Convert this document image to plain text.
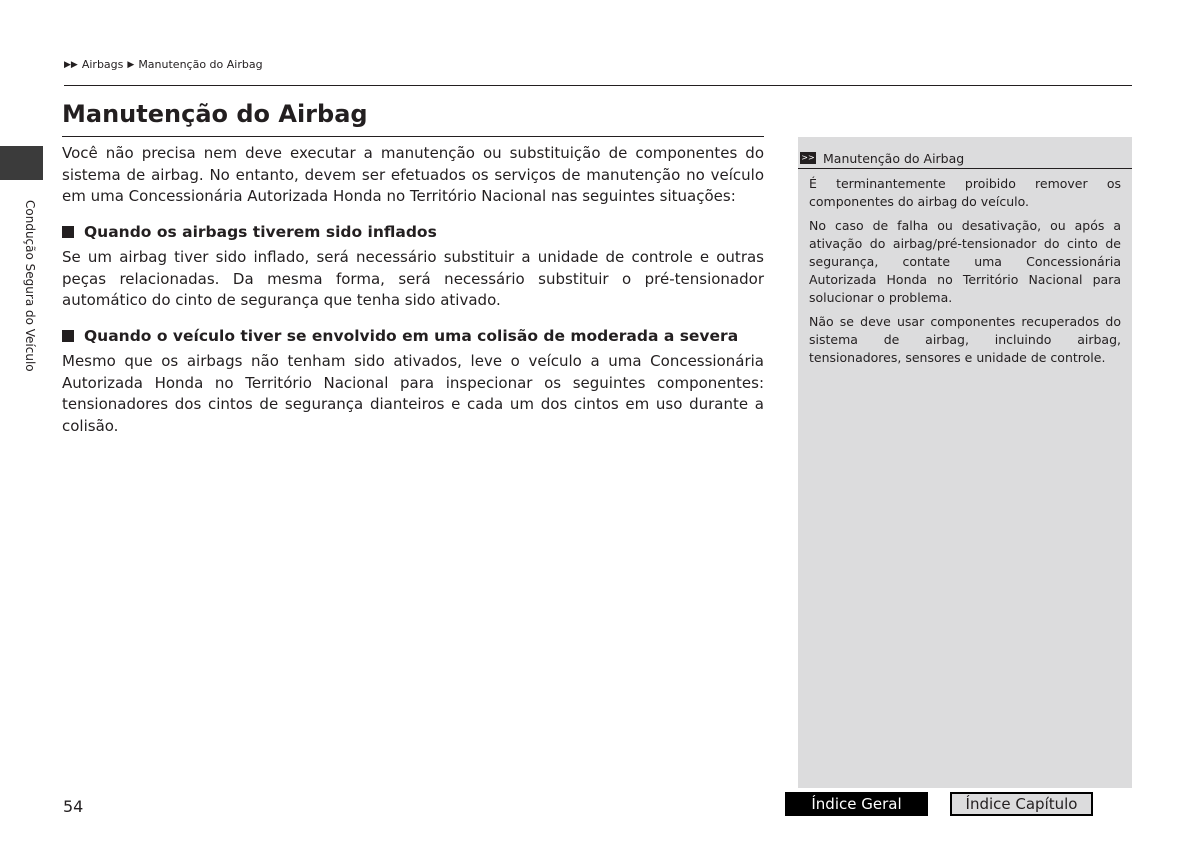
Condução Segura do Veículo
▶▶ Airbags ▶ Manutenção do Airbag
Manutenção do Airbag

Você não precisa nem deve executar a manutenção ou substituição de componentes do sistema de airbag. No entanto, devem ser efetuados os serviços de manutenção no veículo em uma Concessionária Autorizada Honda no Território Nacional nas seguintes situações:

Quando os airbags tiverem sido inflados

Se um airbag tiver sido inflado, será necessário substituir a unidade de controle e outras peças relacionadas. Da mesma forma, será necessário substituir o pré-tensionador automático do cinto de segurança que tenha sido ativado.

Quando o veículo tiver se envolvido em uma colisão de moderada a severa

Mesmo que os airbags não tenham sido ativados, leve o veículo a uma Concessionária Autorizada Honda no Território Nacional para inspecionar os seguintes componentes: tensionadores dos cintos de segurança dianteiros e cada um dos cintos em uso durante a colisão.

>> Manutenção do Airbag

É terminantemente proibido remover os componentes do airbag do veículo.

No caso de falha ou desativação, ou após a ativação do airbag/pré-tensionador do cinto de segurança, contate uma Concessionária Autorizada Honda no Território Nacional para solucionar o problema.

Não se deve usar componentes recuperados do sistema de airbag, incluindo airbag, tensionadores, sensores e unidade de controle.

54	Índice Geral	Índice Capítulo
